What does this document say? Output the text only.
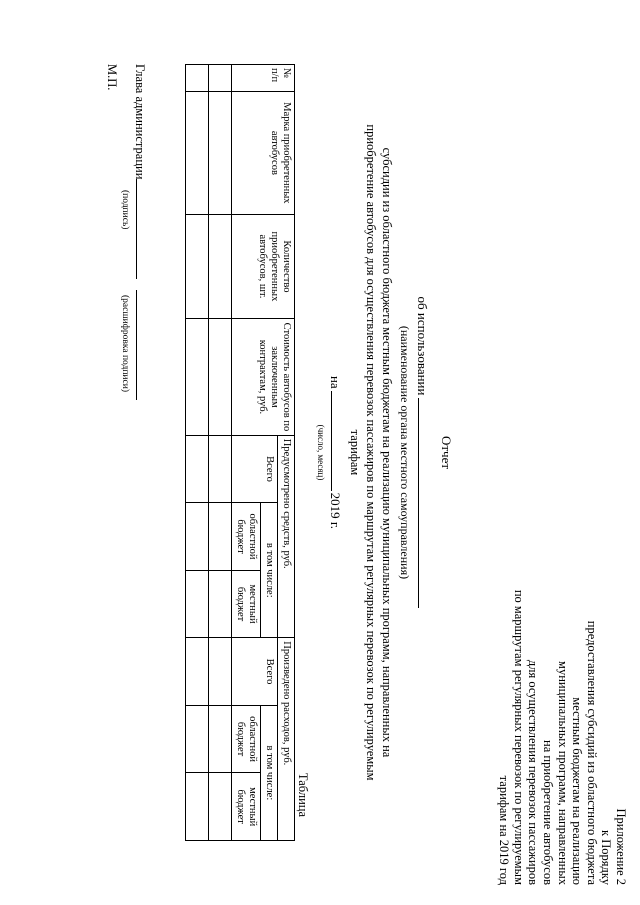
Приложение 2
к Порядку
предоставления субсидий из областного бюджета
местным бюджетам на реализацию
муниципальных программ, направленных
на приобретение автобусов
для осуществления перевозок пассажиров
по маршрутам регулярных перевозок по регулируемым
тарифам на 2019 год
Отчет
об использовании
(наименование органа местного самоуправления)
субсидии из областного бюджета местным бюджетам на реализацию муниципальных программ, направленных на
приобретение автобусов для осуществления перевозок пассажиров по маршрутам регулярных перевозок по регулируемым
тарифам
на2019 г.
(число, месяц)
Таблица
№ п/п	Марка приобретенных автобусов	Количество приобретенных автобусов, шт.	Стоимость автобусов по заключенным контрактам, руб.	Предусмотрено средств, руб.			Произведено расходов, руб.		
				Всего	в том числе:		Всего	в том числе:	
					областной бюджет	местный бюджет		областной бюджет	местный бюджет

Глава администрации
(подпись)
(расшифровка подписи)
М.П.
